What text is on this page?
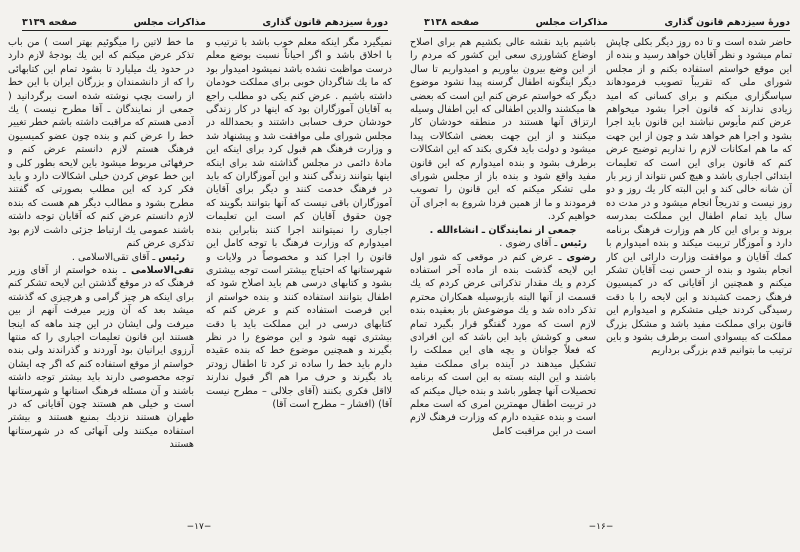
دورهٔ سیزدهم قانون گذاری
مذاکرات مجلس
صفحه ۳۱۳۹

نمیگیرد مگر اینکه معلم خوب باشد با ترتیب و با اخلاق باشد و اگر احیاناً نسبت بوضع معلم درست مواظبت نشده باشد نمیشود امیدوار بود که ما یك شاگردان خوبی برای مملکت خودمان داشته باشیم . عرض کنم یکی دو مطلب راجع به آقایان آموزگاران بود که اینها در کار زندگی خودشان حرف حسابی داشتند و بحمدالله در مجلس شورای ملی موافقت شد و پیشنهاد شد و وزارت فرهنگ هم قبول کرد برای اینکه این مادهٔ دائمی در مجلس گذاشته شد برای اینکه اینها بتوانند زندگی کنند و این آموزگاران که باید در فرهنگ خدمت کنند و دیگر برای آقایان آموزگاران باقی نیست که آنها بتوانند بگویند که چون حقوق آقایان کم است این تعلیمات اجباری را نمیتوانند اجرا کنند بنابراین بنده امیدوارم که وزارت فرهنگ با توجه کامل این قانون را اجرا کند و مخصوصاً در ولایات و شهرستانها که احتیاج بیشتر است توجه بیشتری بشود و کتابهای درسی هم باید اصلاح شود که اطفال بتوانند استفاده کنند و بنده خواستم از این فرصت استفاده کنم و عرض کنم که کتابهای درسی در این مملکت باید با دقت بیشتری تهیه شود و این موضوع را در نظر بگیرند و همچنین موضوع خط که بنده عقیده دارم باید خط را ساده تر کرد تا اطفال زودتر یاد بگیرند و حرف مرا هم اگر قبول ندارند لااقل فکری بکنند (آقای جلالی – مطرح نیست آقا) (افشار – مطرح است آقا)

ما خط لاتین را میگوئیم بهتر است ) من باب تذکر عرض میکنم که این یك بودجهٔ لازم دارد در حدود یك میلیارد تا بشود تمام این کتابهائی را که از دانشمندان و بزرگان ایران با این خط از راست بچپ نوشته شده است برگردانید ( جمعی از نمایندگان ـ آقا مطرح نیست ) یك آدمی هستم که مراقبت داشته باشم خطر تغییر خط را عرض کنم و بنده چون عضو کمیسیون فرهنگ هستم لازم دانستم عرض کنم و حرفهائی مربوط میشود باین لایحه بطور کلی و این خط عوض کردن خیلی اشکالات دارد و باید فکر کرد که این مطلب بصورتی که گفتند مطرح بشود و مطالب دیگر هم هست که بنده لازم دانستم عرض کنم که آقایان توجه داشته باشند عمومی یك ارتباط جزئی داشت لازم بود تذکری عرض کنم

رئیس ـ آقای تقی‌الاسلامی .

تقی‌الاسلامی ـ بنده خواستم از آقای وزیر فرهنگ که در موقع گذشتن این لایحه تشکر کنم برای اینکه هر چیز گرامی و هرچیزی که گذشته میشد بعد که آن وزیر میرفت آنهم از بین میرفت ولی ایشان در این چند ماهه که اینجا هستند این قانون تعلیمات اجباری را که منتها آرزوی ایرانیان بود آوردند و گذراندند ولی بنده خواستم از موقع استفاده کنم که اگر چه ایشان توجه مخصوصی دارند باید بیشتر توجه داشته باشند و آن مسئله فرهنگ استانها و شهرستانها است و خیلی هم هستند چون آقایانی که در طهران هستند نزدیك بمنبع هستند و بیشتر استفاده میکنند ولی آنهائی که در شهرستانها هستند

−۱۷−
دورهٔ سیزدهم قانون گذاری
مذاکرات مجلس
صفحه ۳۱۳۸

حاضر شده است و تا ده روز دیگر بکلی چاپش تمام میشود و نظر آقایان خواهد رسید و بنده از این موقع خواستم استفاده بکنم و از مجلس شورای ملی که تقریباً تصویب فرمودهاند سپاسگزاری میکنم و برای کسانی که امید زیادی ندارند که قانون اجرا بشود میخواهم عرض کنم مأیوس نباشند این قانون باید اجرا بشود و اجرا هم خواهد شد و چون از این جهت که ما هم امکانات لازم را نداریم توضیح عرض کنم که قانون برای این است که تعلیمات ابتدائی اجباری باشد و هیچ کس نتواند از زیر بار آن شانه خالی کند و این البته کار یك روز و دو روز نیست و تدریجاً انجام میشود و در مدت ده سال باید تمام اطفال این مملکت بمدرسه بروند و برای این کار هم وزارت فرهنگ برنامه دارد و آموزگار تربیت میکند و بنده امیدوارم با کمك آقایان و موافقت وزارت دارائی این کار انجام بشود و بنده از حسن نیت آقایان تشکر میکنم و همچنین از آقایانی که در کمیسیون فرهنگ زحمت کشیدند و این لایحه را با دقت رسیدگی کردند خیلی متشکرم و امیدوارم این قانون برای مملکت مفید باشد و مشکل بزرگ مملکت که بیسوادی است برطرف بشود و باین ترتیب ما بتوانیم قدم بزرگی برداریم

باشیم باید نقشه عالی بکشیم هم برای اصلاح اوضاع کشاورزی سعی این کشور که مردم را از این وضع بیرون بیاوریم و امیدواریم تا سال دیگر اینگونه اطفال گرسنه پیدا نشود موضوع دیگر که خواستم عرض کنم این است که بعضی ها میکشند والدین اطفالی که این اطفال وسیله ارتزاق آنها هستند در منطقه خودشان کار میکنند و از این جهت بعضی اشکالات پیدا میشود و دولت باید فکری بکند که این اشکالات برطرف بشود و بنده امیدوارم که این قانون مفید واقع شود و بنده باز از مجلس شورای ملی تشکر میکنم که این قانون را تصویب فرمودند و ما از همین فردا شروع به اجرای آن خواهیم کرد.

جمعی از نمایندگان ـ انشاءالله .

رئیس ـ آقای رضوی .

رضوی ـ عرض کنم در موقعی که شور اول این لایحه گذشت بنده از ماده آخر استفاده کردم و یك مقدار تذکراتی عرض کردم که یك قسمت از آنها البته بازبوسیله همکاران محترم تذکر داده شد و یك موضوعش باز بعقیده بنده لازم است که مورد گفتگو قرار بگیرد تمام سعی و کوشش باید این باشد که این افرادی که فعلاً جوانان و بچه های این مملکت را تشکیل میدهند در آینده برای مملکت مفید باشند و این البته بسته به این است که برنامه تحصیلات آنها چطور باشد و بنده خیال میکنم که در تربیت اطفال مهمترین امری که است معلم است و بنده عقیده دارم که وزارت فرهنگ لازم است در این مراقبت کامل

−۱۶−
